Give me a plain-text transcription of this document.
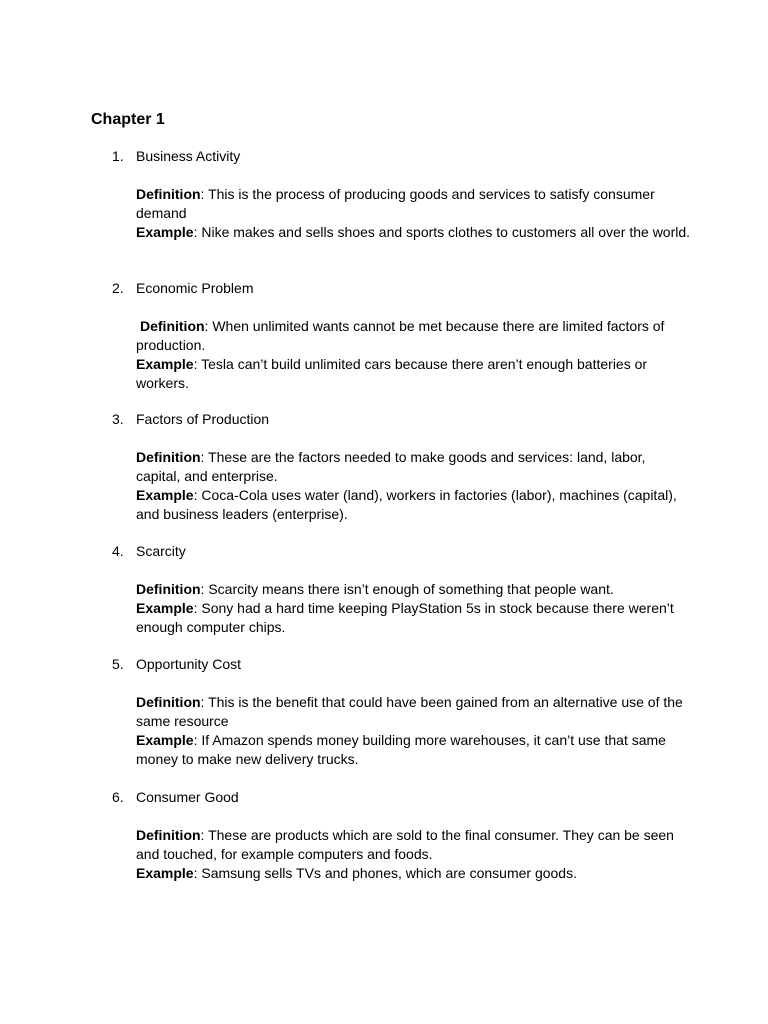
Chapter 1
1. Business Activity

Definition: This is the process of producing goods and services to satisfy consumer demand

Example: Nike makes and sells shoes and sports clothes to customers all over the world.

2. Economic Problem

Definition: When unlimited wants cannot be met because there are limited factors of production.

Example: Tesla can’t build unlimited cars because there aren’t enough batteries or workers.

3. Factors of Production

Definition: These are the factors needed to make goods and services: land, labor, capital, and enterprise.

Example: Coca-Cola uses water (land), workers in factories (labor), machines (capital), and business leaders (enterprise).

4. Scarcity

Definition: Scarcity means there isn’t enough of something that people want.

Example: Sony had a hard time keeping PlayStation 5s in stock because there weren’t enough computer chips.

5. Opportunity Cost

Definition: This is the benefit that could have been gained from an alternative use of the same resource

Example: If Amazon spends money building more warehouses, it can’t use that same money to make new delivery trucks.

6. Consumer Good

Definition: These are products which are sold to the final consumer. They can be seen and touched, for example computers and foods.

Example: Samsung sells TVs and phones, which are consumer goods.
